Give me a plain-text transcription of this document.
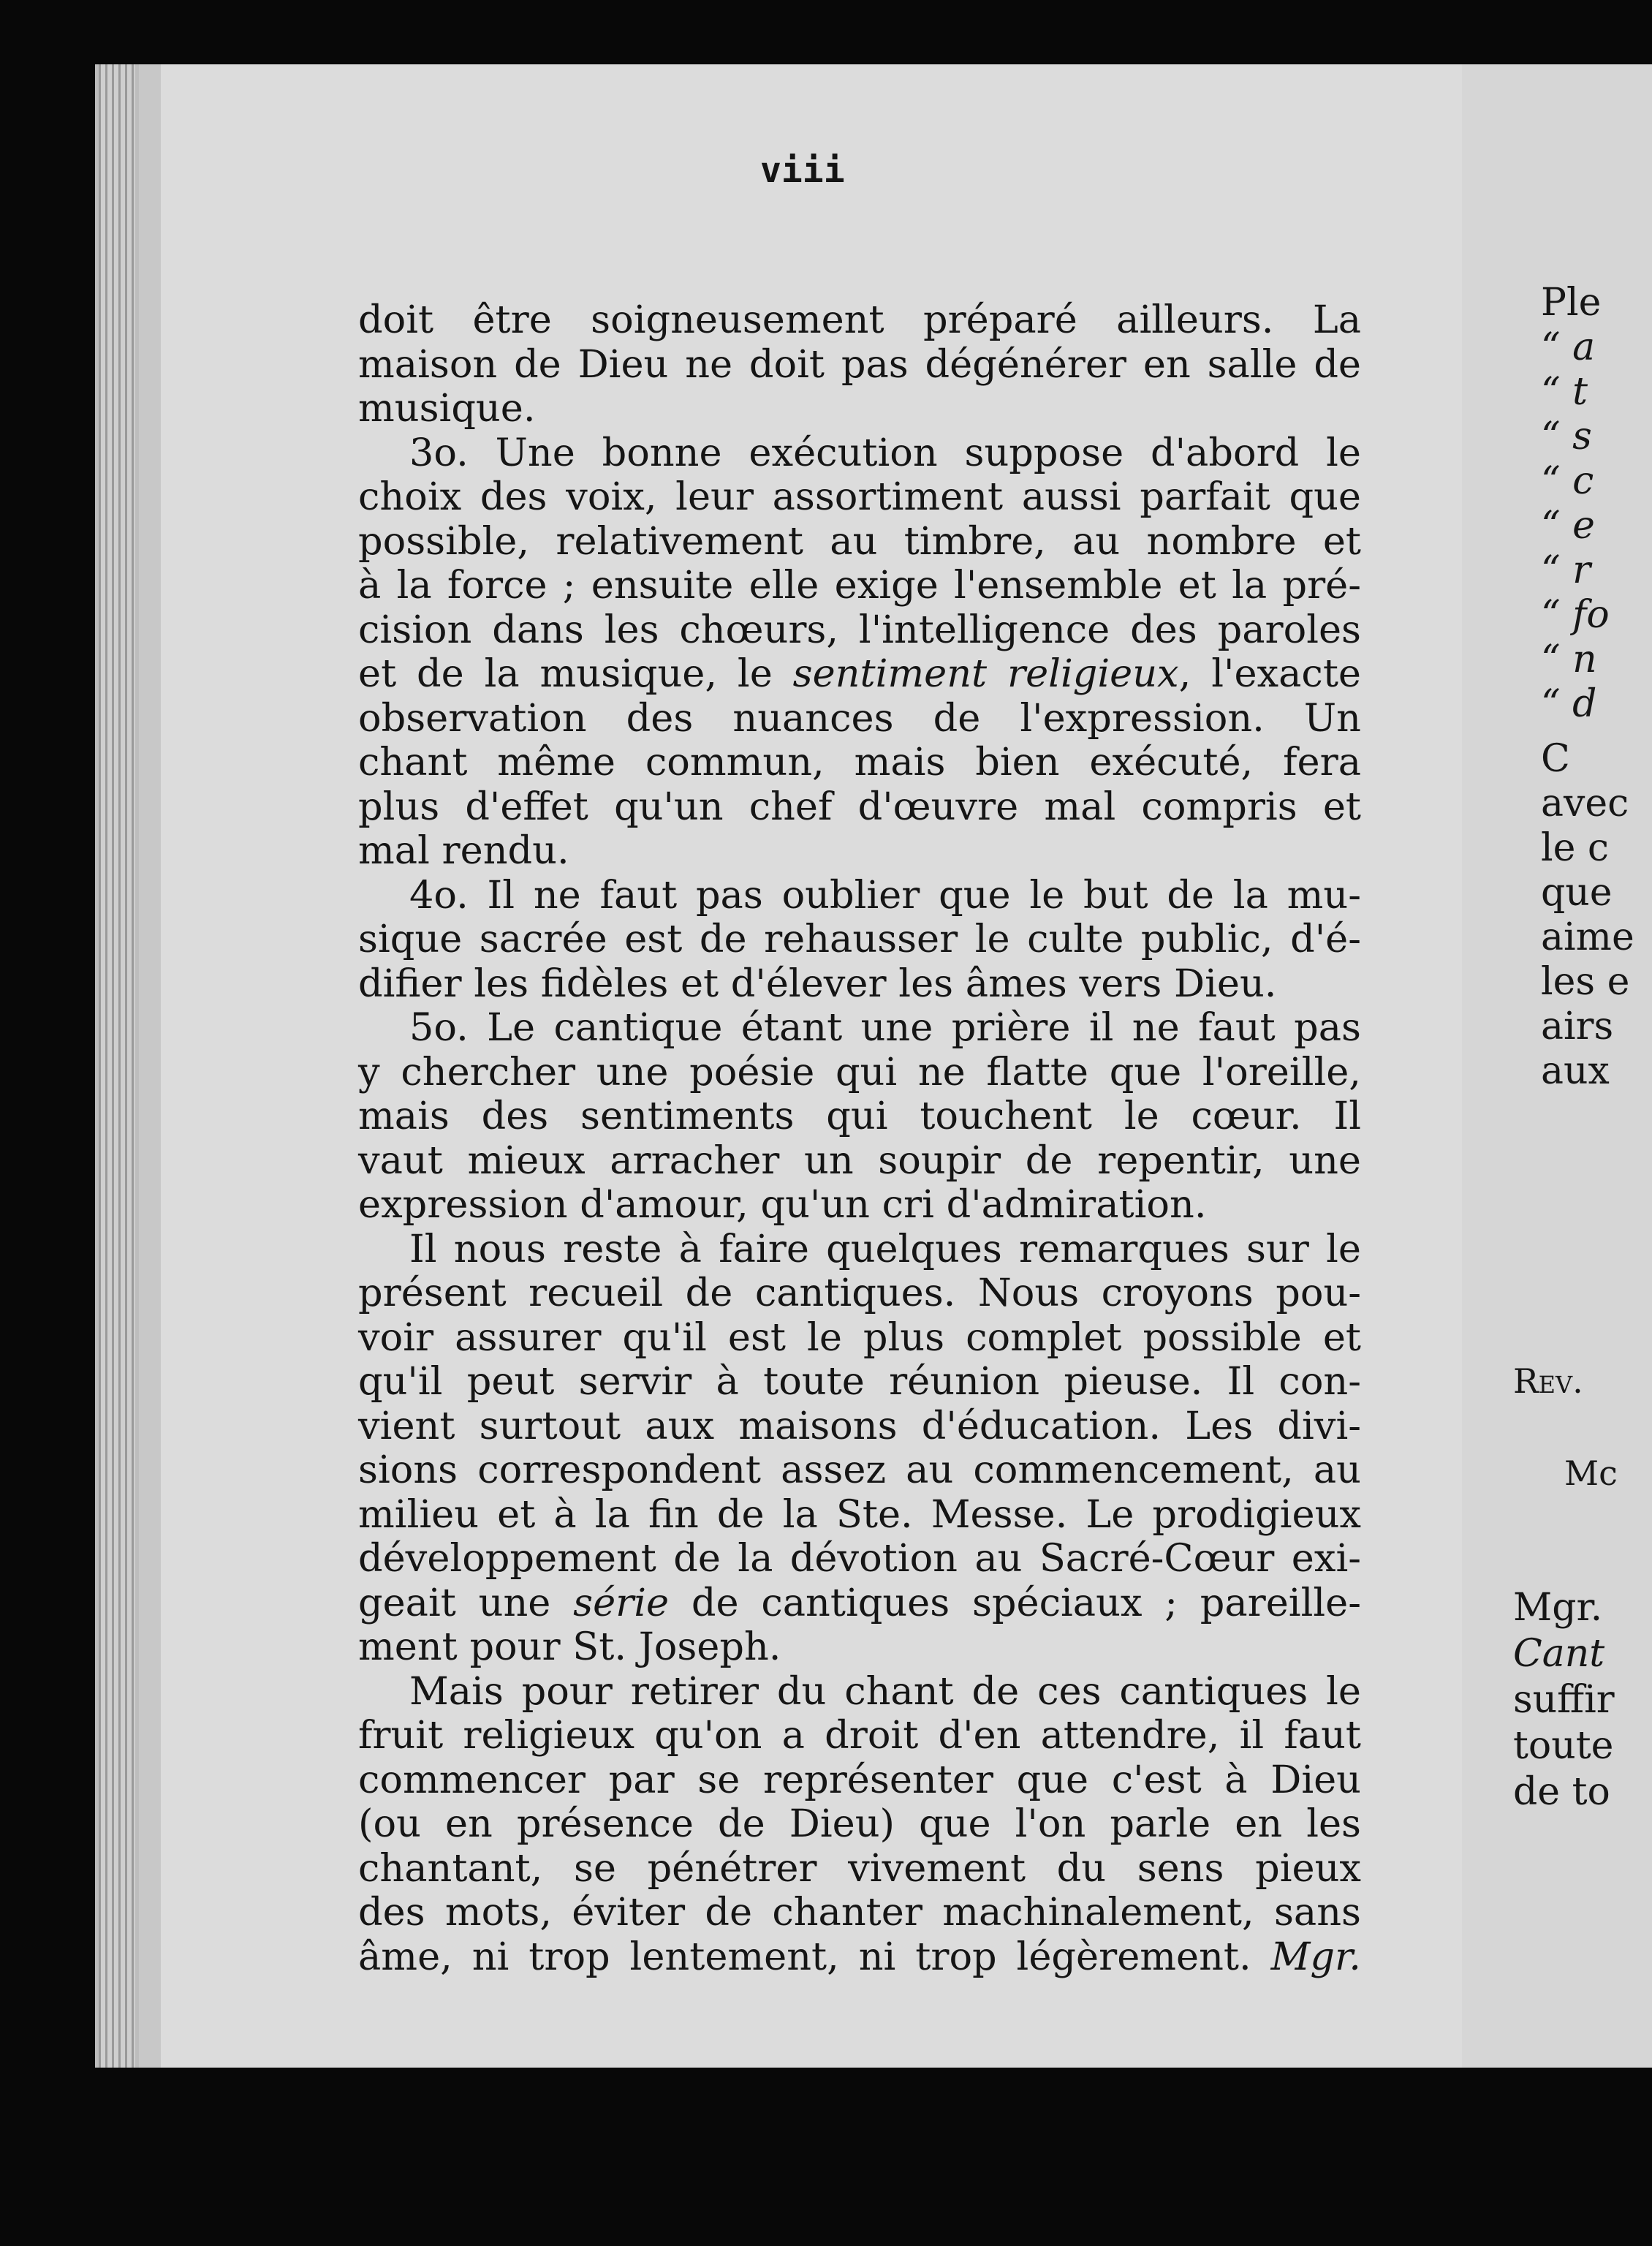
viii

doit être soigneusement préparé ailleurs. La

maison de Dieu ne doit pas dégénérer en salle de

musique.

3o. Une bonne exécution suppose d'abord le

choix des voix, leur assortiment aussi parfait que

possible, relativement au timbre, au nombre et

à la force ; ensuite elle exige l'ensemble et la pré-

cision dans les chœurs, l'intelligence des paroles

et de la musique, le sentiment religieux, l'exacte

observation des nuances de l'expression. Un

chant même commun, mais bien exécuté, fera

plus d'effet qu'un chef d'œuvre mal compris et

mal rendu.

4o. Il ne faut pas oublier que le but de la mu-

sique sacrée est de rehausser le culte public, d'é-

difier les fidèles et d'élever les âmes vers Dieu.

5o. Le cantique étant une prière il ne faut pas

y chercher une poésie qui ne flatte que l'oreille,

mais des sentiments qui touchent le cœur. Il

vaut mieux arracher un soupir de repentir, une

expression d'amour, qu'un cri d'admiration.

Il nous reste à faire quelques remarques sur le

présent recueil de cantiques. Nous croyons pou-

voir assurer qu'il est le plus complet possible et

qu'il peut servir à toute réunion pieuse. Il con-

vient surtout aux maisons d'éducation. Les divi-

sions correspondent assez au commencement, au

milieu et à la fin de la Ste. Messe. Le prodigieux

développement de la dévotion au Sacré-Cœur exi-

geait une série de cantiques spéciaux ; pareille-

ment pour St. Joseph.

Mais pour retirer du chant de ces cantiques le

fruit religieux qu'on a droit d'en attendre, il faut

commencer par se représenter que c'est à Dieu

(ou en présence de Dieu) que l'on parle en les

chantant, se pénétrer vivement du sens pieux

des mots, éviter de chanter machinalement, sans

âme, ni trop lentement, ni trop légèrement. Mgr.

Ple
“ a
“ t
“ s
“ c
“ e
“ r
“ fo
“ n
“ d
C
avec
le c
que
aime
les e
airs
aux
Rev.
Mc
Mgr.
Cant
suffir
toute
de to
